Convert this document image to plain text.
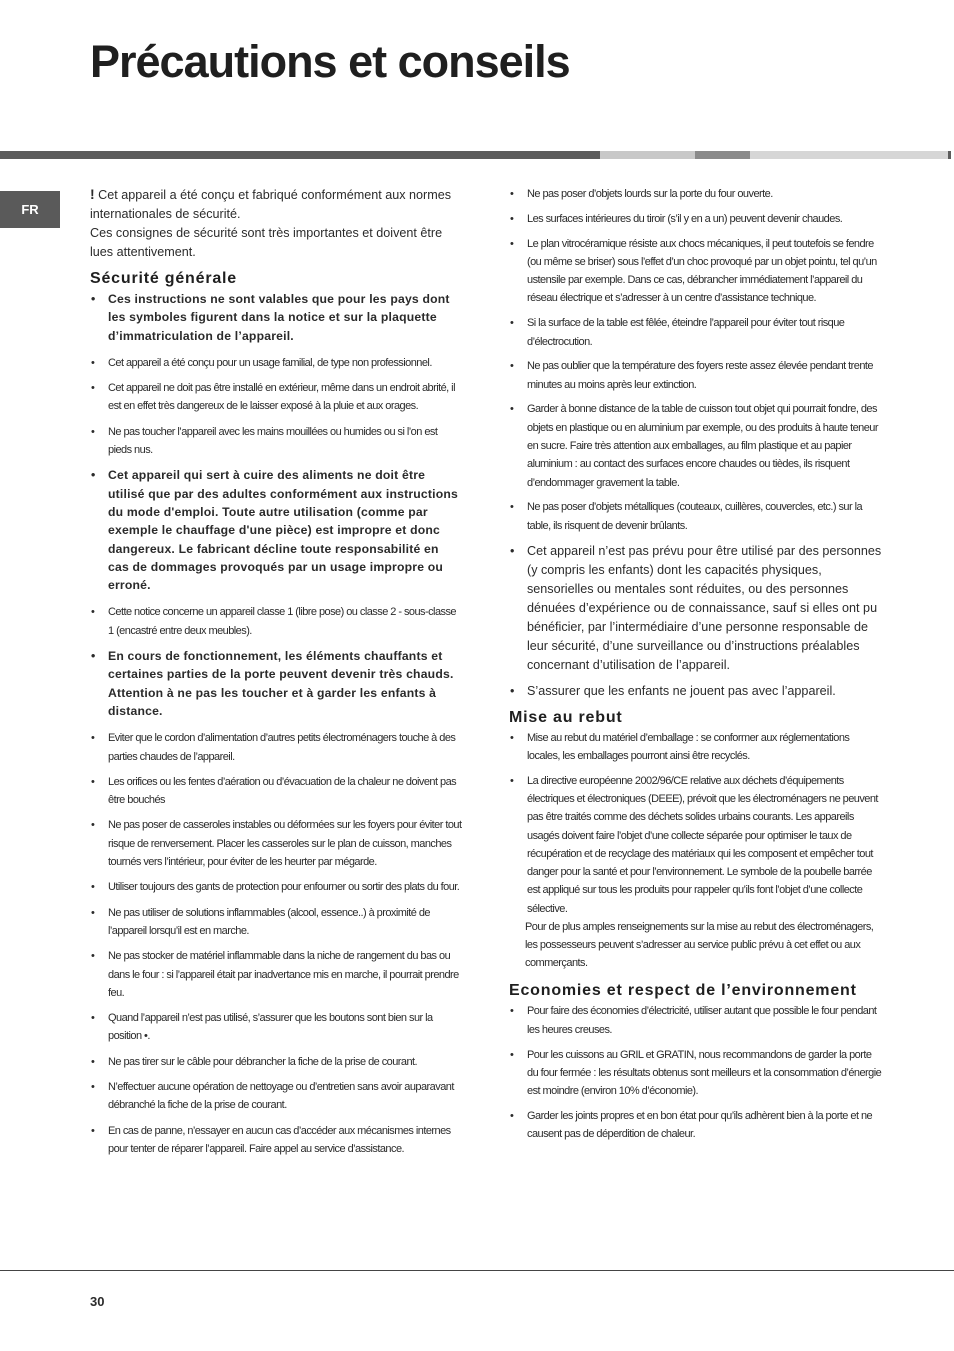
Précautions et conseils
FR

! Cet appareil a été conçu et fabriqué conformément aux normes internationales de sécurité.
Ces consignes de sécurité sont très importantes et doivent être lues attentivement.

Sécurité générale
• Ces instructions ne sont valables que pour les pays dont les symboles figurent dans la notice et sur la plaquette d’immatriculation de l’appareil.
• Cet appareil a été conçu pour un usage familial, de type non professionnel.
• Cet appareil ne doit pas être installé en extérieur, même dans un endroit abrité, il est en effet très dangereux de le laisser exposé à la pluie et aux orages.
• Ne pas toucher l’appareil avec les mains mouillées ou humides ou si l’on est pieds nus.
• Cet appareil qui sert à cuire des aliments ne doit être utilisé que par des adultes conformément aux instructions du mode d'emploi. Toute autre utilisation (comme par exemple le chauffage d'une pièce) est impropre et donc dangereux. Le fabricant décline toute responsabilité en cas de dommages provoqués par un usage impropre ou erroné.
• Cette notice concerne un appareil classe 1 (libre pose) ou classe 2 - sous-classe 1 (encastré entre deux meubles).
• En cours de fonctionnement, les éléments chauffants et certaines parties de la porte peuvent devenir très chauds. Attention à ne pas les toucher et à garder les enfants à distance.
• Eviter que le cordon d’alimentation d’autres petits électroménagers touche à des parties chaudes de l’appareil.
• Les orifices ou les fentes d’aération ou d’évacuation de la chaleur ne doivent pas être bouchés
• Ne pas poser de casseroles instables ou déformées sur les foyers pour éviter tout risque de renversement. Placer les casseroles sur le plan de cuisson, manches tournés vers l’intérieur, pour éviter de les heurter par mégarde.
• Utiliser toujours des gants de protection pour enfourner ou sortir des plats du four.
• Ne pas utiliser de solutions inflammables (alcool, essence..) à proximité de l’appareil lorsqu’il est en marche.
• Ne pas stocker de matériel inflammable dans la niche de rangement du bas ou dans le four : si l’appareil était par inadvertance mis en marche, il pourrait prendre feu.
• Quand l’appareil n’est pas utilisé, s’assurer que les boutons sont bien sur la position •.
• Ne pas tirer sur le câble pour débrancher la fiche de la prise de courant.
• N’effectuer aucune opération de nettoyage ou d’entretien sans avoir auparavant débranché la fiche de la prise de courant.
• En cas de panne, n’essayer en aucun cas d’accéder aux mécanismes internes pour tenter de réparer l’appareil. Faire appel au service d’assistance.
• Ne pas poser d’objets lourds sur la porte du four ouverte.
• Les surfaces intérieures du tiroir (s’il y en a un) peuvent devenir chaudes.
• Le plan vitrocéramique résiste aux chocs mécaniques, il peut toutefois se fendre (ou même se briser) sous l’effet d’un choc provoqué par un objet pointu, tel qu’un ustensile par exemple. Dans ce cas, débrancher immédiatement l’appareil du réseau électrique et s’adresser à un centre d’assistance technique.
• Si la surface de la table est fêlée, éteindre l’appareil pour éviter tout risque d’électrocution.
• Ne pas oublier que la température des foyers reste assez élevée pendant trente minutes au moins après leur extinction.
• Garder à bonne distance de la table de cuisson tout objet qui pourrait fondre, des objets en plastique ou en aluminium par exemple, ou des produits à haute teneur en sucre. Faire très attention aux emballages, au film plastique et au papier aluminium : au contact des surfaces encore chaudes ou tièdes, ils risquent d’endommager gravement la table.
• Ne pas poser d’objets métalliques (couteaux, cuillères, couvercles, etc.) sur la table, ils risquent de devenir brûlants.
• Cet appareil n’est pas prévu pour être utilisé par des personnes (y compris les enfants) dont les capacités physiques, sensorielles ou mentales sont réduites, ou des personnes dénuées d’expérience ou de connaissance, sauf si elles ont pu bénéficier, par l’intermédiaire d’une personne responsable de leur sécurité, d’une surveillance ou d’instructions préalables concernant d’utilisation de l’appareil.
• S’assurer que les enfants ne jouent pas avec l’appareil.
Mise au rebut
• Mise au rebut du matériel d’emballage : se conformer aux réglementations locales, les emballages pourront ainsi être recyclés.
• La directive européenne 2002/96/CE relative aux déchets d’équipements électriques et électroniques (DEEE), prévoit que les électroménagers ne peuvent pas être traités comme des déchets solides urbains courants. Les appareils usagés doivent faire l’objet d’une collecte séparée pour optimiser le taux de récupération et de recyclage des matériaux qui les composent et empêcher tout danger pour la santé et pour l’environnement. Le symbole de la poubelle barrée est appliqué sur tous les produits pour rappeler qu’ils font l’objet d’une collecte sélective.

Pour de plus amples renseignements sur la mise au rebut des électroménagers, les possesseurs peuvent s’adresser au service public prévu à cet effet ou aux commerçants.

Economies et respect de l’environnement
• Pour faire des économies d’électricité, utiliser autant que possible le four pendant les heures creuses.
• Pour les cuissons au GRIL et GRATIN, nous recommandons de garder la porte du four fermée : les résultats obtenus sont meilleurs et la consommation d’énergie est moindre (environ 10% d’économie).
• Garder les joints propres et en bon état pour qu’ils adhèrent bien à la porte et ne causent pas de déperdition de chaleur.
30
